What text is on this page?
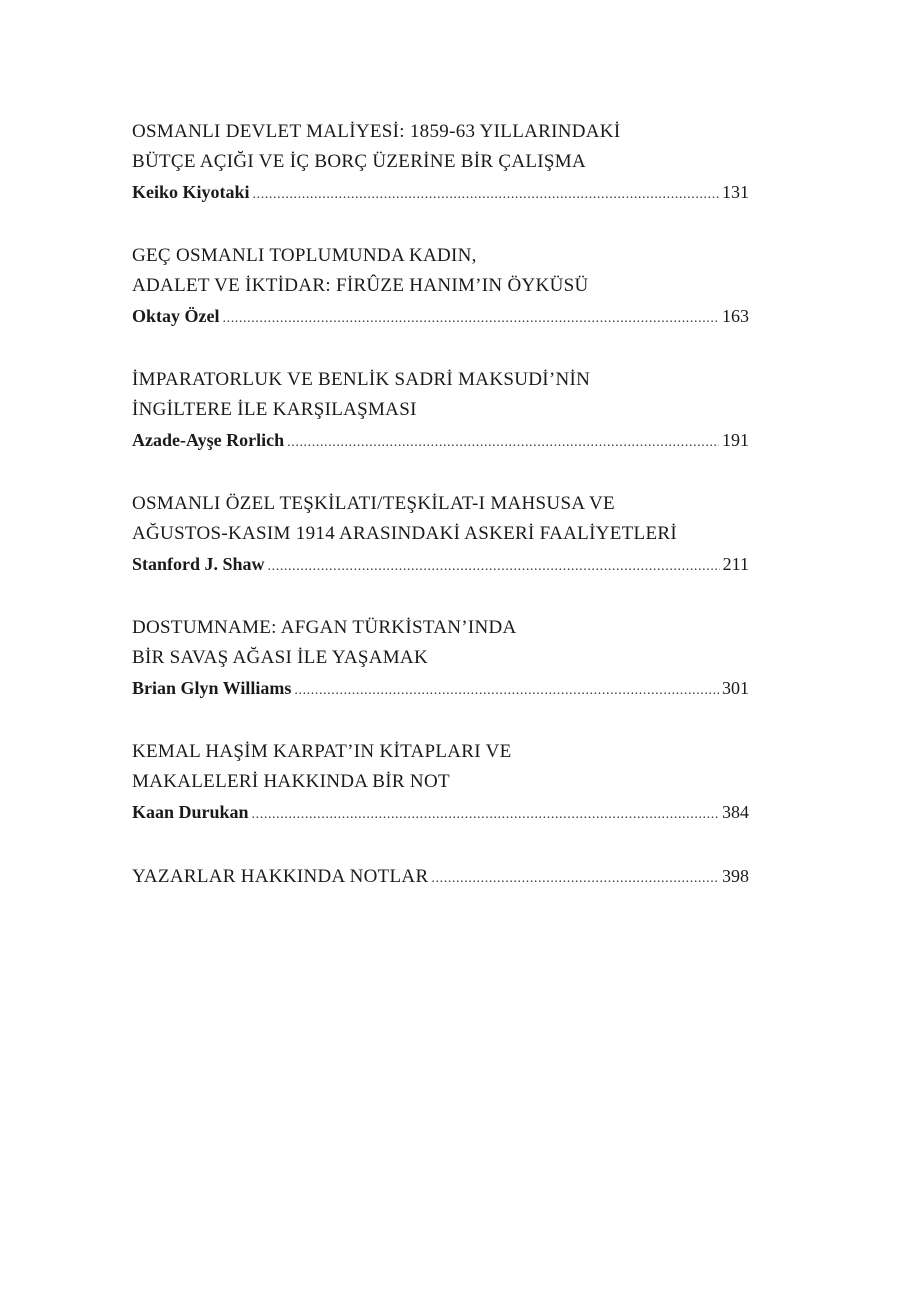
OSMANLI DEVLET MALİYESİ: 1859-63 YILLARINDAKİ
BÜTÇE AÇIĞI VE İÇ BORÇ ÜZERİNE BİR ÇALIŞMA
Keiko Kiyotaki .....	131
GEÇ OSMANLI TOPLUMUNDA KADIN,
ADALET VE İKTİDAR: FİRÛZE HANIM’IN ÖYKÜSÜ
Oktay Özel .....	163
İMPARATORLUK VE BENLİK SADRİ MAKSUDİ’NİN
İNGİLTERE İLE KARŞILAŞMASI
Azade-Ayşe Rorlich .....	191
OSMANLI ÖZEL TEŞKİLATI/TEŞKİLAT-I MAHSUSA VE
AĞUSTOS-KASIM 1914 ARASINDAKİ ASKERİ FAALİYETLERİ
Stanford J. Shaw .....	211
DOSTUMNAME: AFGAN TÜRKİSTAN’INDA
BİR SAVAŞ AĞASI İLE YAŞAMAK
Brian Glyn Williams .....	301
KEMAL HAŞİM KARPAT’IN KİTAPLARI VE
MAKALELERİ HAKKINDA BİR NOT
Kaan Durukan .....	384
YAZARLAR HAKKINDA NOTLAR .....	398
